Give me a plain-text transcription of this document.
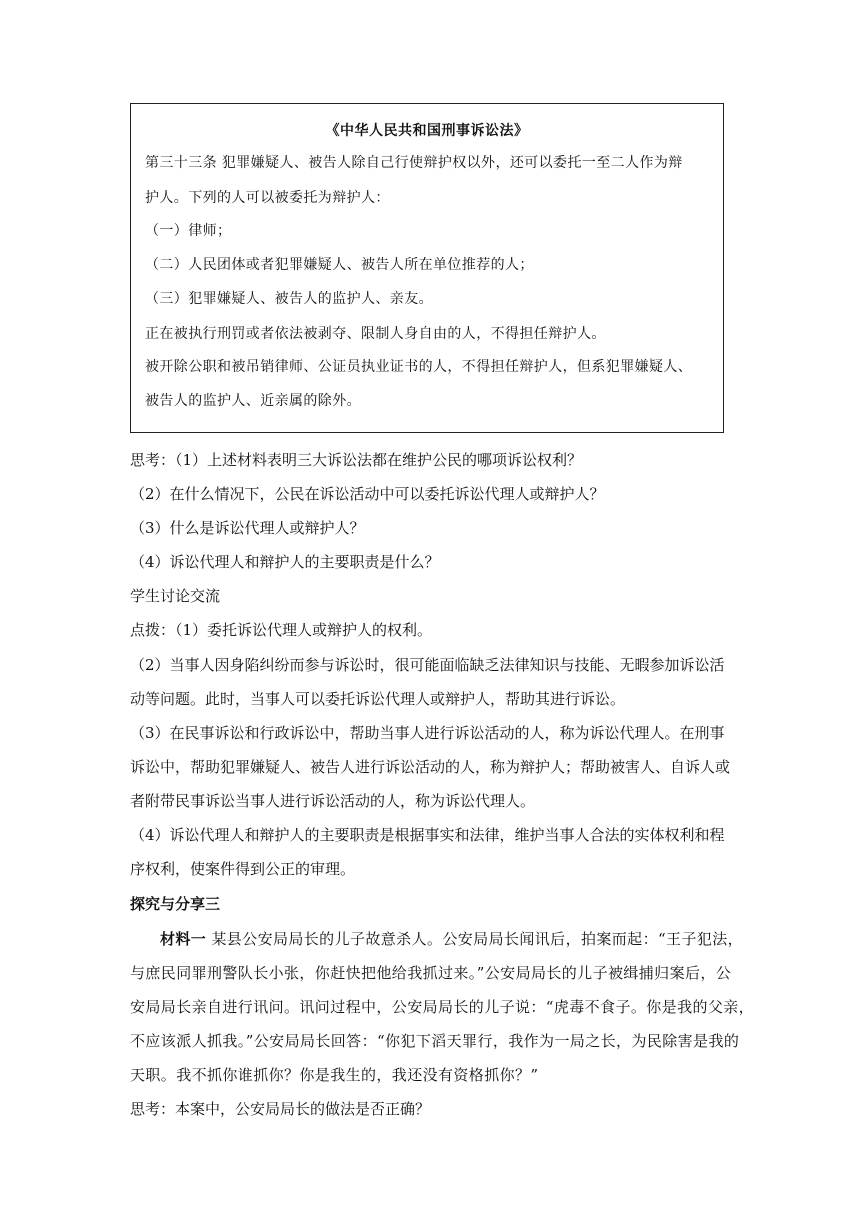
《中华人民共和国刑事诉讼法》
第三十三条 犯罪嫌疑人、被告人除自己行使辩护权以外，还可以委托一至二人作为辩
护人。下列的人可以被委托为辩护人：
（一）律师；
（二）人民团体或者犯罪嫌疑人、被告人所在单位推荐的人；
（三）犯罪嫌疑人、被告人的监护人、亲友。
正在被执行刑罚或者依法被剥夺、限制人身自由的人，不得担任辩护人。
被开除公职和被吊销律师、公证员执业证书的人，不得担任辩护人，但系犯罪嫌疑人、
被告人的监护人、近亲属的除外。
思考：（1）上述材料表明三大诉讼法都在维护公民的哪项诉讼权利？
（2）在什么情况下，公民在诉讼活动中可以委托诉讼代理人或辩护人？
（3）什么是诉讼代理人或辩护人？
（4）诉讼代理人和辩护人的主要职责是什么？
学生讨论交流
点拨：（1）委托诉讼代理人或辩护人的权利。
（2）当事人因身陷纠纷而参与诉讼时，很可能面临缺乏法律知识与技能、无暇参加诉讼活
动等问题。此时，当事人可以委托诉讼代理人或辩护人，帮助其进行诉讼。
（3）在民事诉讼和行政诉讼中，帮助当事人进行诉讼活动的人，称为诉讼代理人。在刑事
诉讼中，帮助犯罪嫌疑人、被告人进行诉讼活动的人，称为辩护人；帮助被害人、自诉人或
者附带民事诉讼当事人进行诉讼活动的人，称为诉讼代理人。
（4）诉讼代理人和辩护人的主要职责是根据事实和法律，维护当事人合法的实体权利和程
序权利，使案件得到公正的审理。
探究与分享三
材料一 某县公安局局长的儿子故意杀人。公安局局长闻讯后，拍案而起：“王子犯法，
与庶民同罪刑警队长小张，你赶快把他给我抓过来。”公安局局长的儿子被缉捕归案后，公
安局局长亲自进行讯问。讯问过程中，公安局局长的儿子说：“虎毒不食子。你是我的父亲，
不应该派人抓我。”公安局局长回答：“你犯下滔天罪行，我作为一局之长，为民除害是我的
天职。我不抓你谁抓你？你是我生的，我还没有资格抓你？”
思考：本案中，公安局局长的做法是否正确？
